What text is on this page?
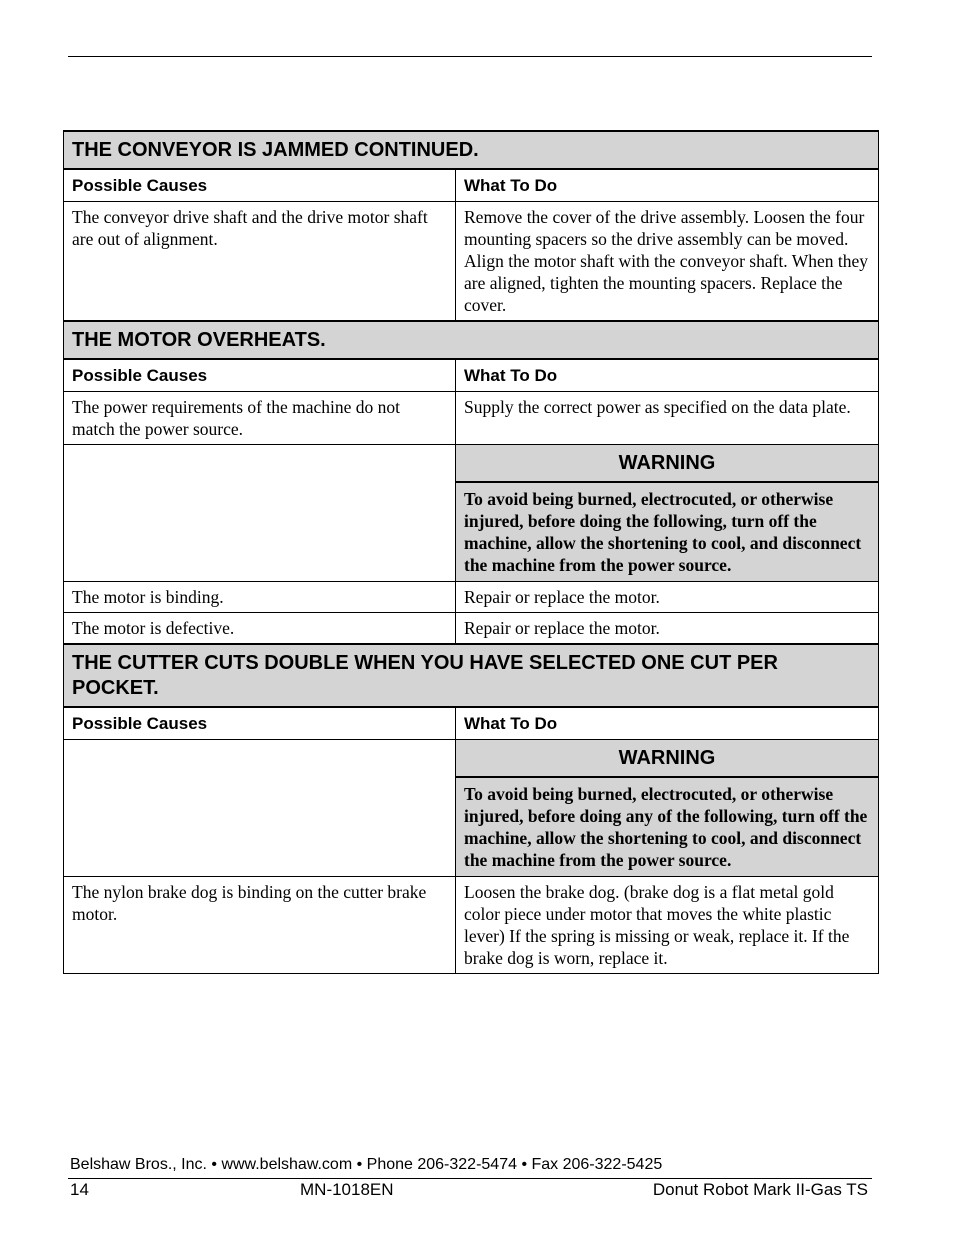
THE CONVEYOR IS JAMMED CONTINUED.	
Possible Causes	What To Do
The conveyor drive shaft and the drive motor shaft are out of alignment.	Remove the cover of the drive assembly. Loosen the four mounting spacers so the drive assembly can be moved. Align the motor shaft with the conveyor shaft. When they are aligned, tighten the mounting spacers. Replace the cover.
THE MOTOR OVERHEATS.	
Possible Causes	What To Do
The power requirements of the machine do not match the power source.	Supply the correct power as specified on the data plate.
	WARNING
	To avoid being burned, electrocuted, or otherwise injured, before doing the following, turn off the machine, allow the shortening to cool, and disconnect the machine from the power source.
The motor is binding.	Repair or replace the motor.
The motor is defective.	Repair or replace the motor.
THE CUTTER CUTS DOUBLE WHEN YOU HAVE SELECTED ONE CUT PER POCKET.	
Possible Causes	What To Do
	WARNING
	To avoid being burned, electrocuted, or otherwise injured, before doing any of the following, turn off the machine, allow the shortening to cool, and disconnect the machine from the power source.
The nylon brake dog is binding on the cutter brake motor.	Loosen the brake dog. (brake dog is a flat metal gold color piece under motor that moves the white plastic lever) If the spring is missing or weak, replace it. If the brake dog is worn, replace it.
Belshaw Bros., Inc. • www.belshaw.com • Phone 206-322-5474 • Fax 206-322-5425
14	MN-1018EN	Donut Robot Mark II-Gas TS
